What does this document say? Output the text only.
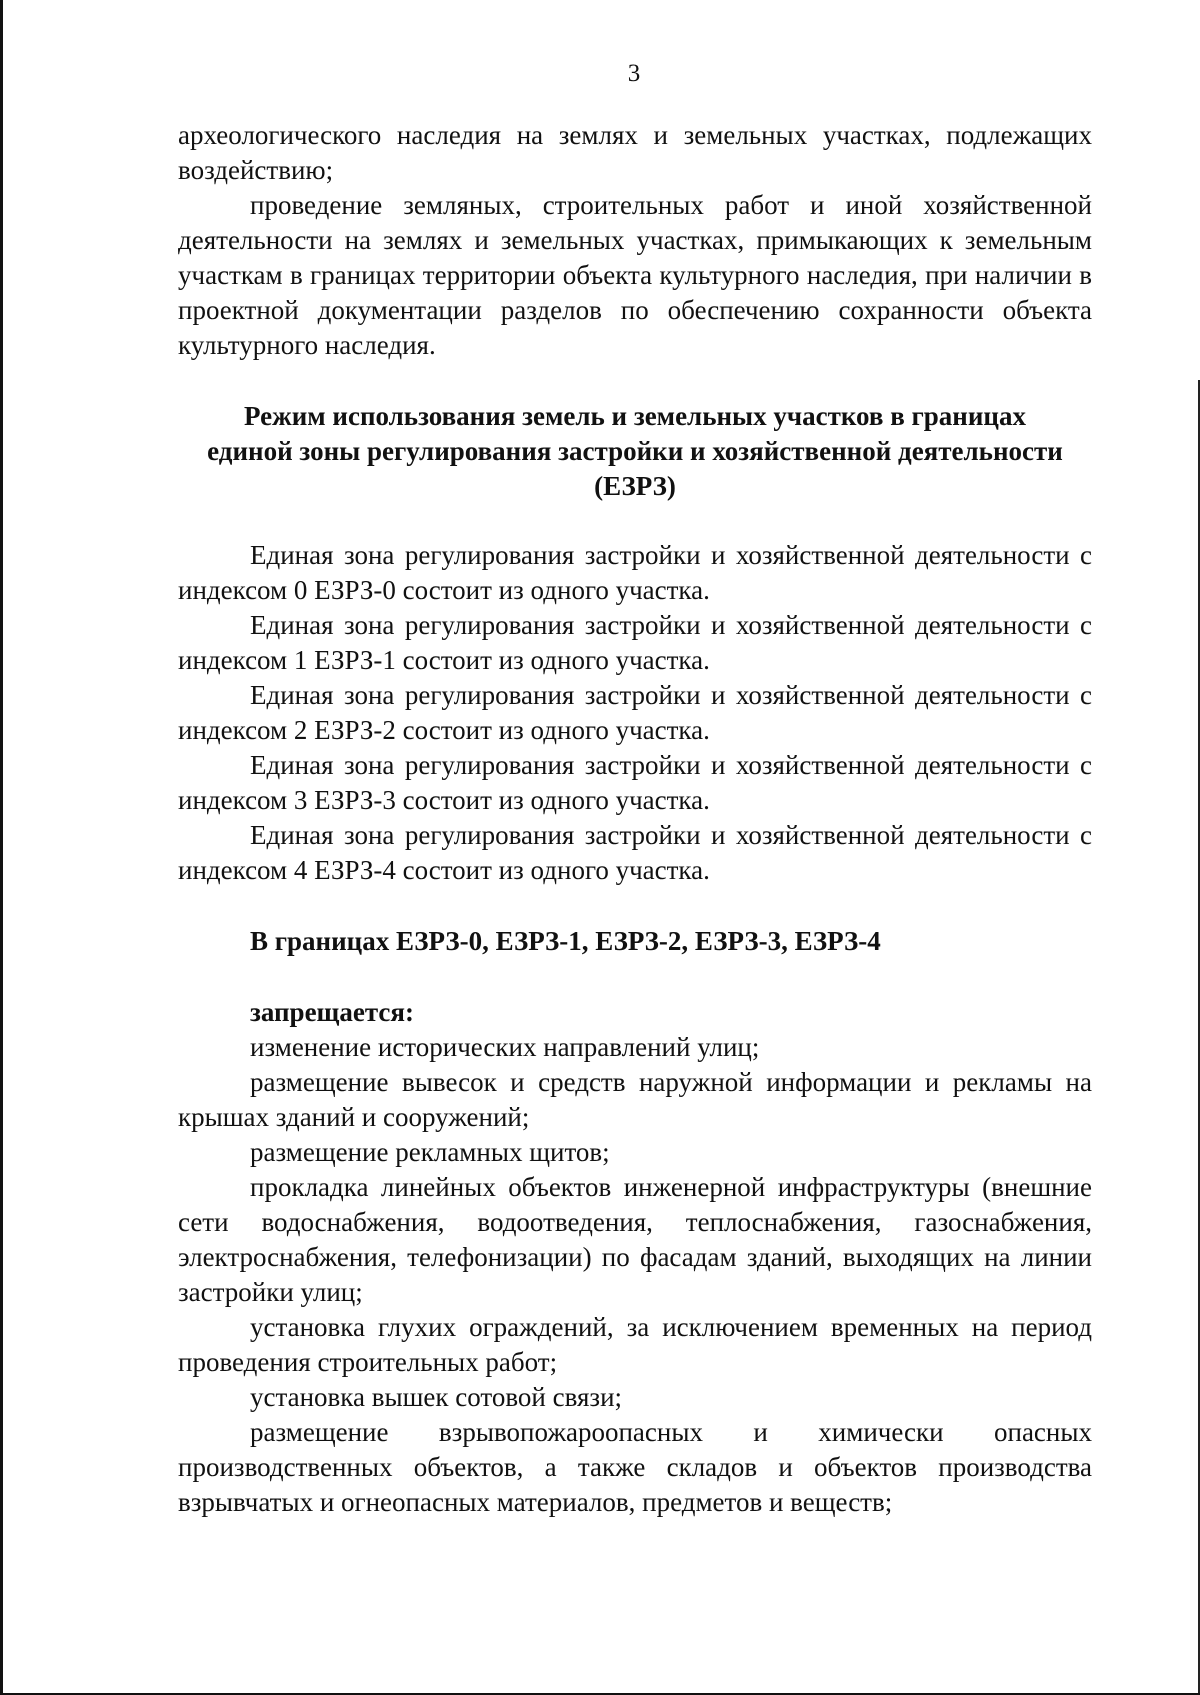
3

археологического наследия на землях и земельных участках, подлежащих воздействию;

проведение земляных, строительных работ и иной хозяйственной деятельности на землях и земельных участках, примыкающих к земельным участкам в границах территории объекта культурного наследия, при наличии в проектной документации разделов по обеспечению сохранности объекта культурного наследия.

Режим использования земель и земельных участков в границах
единой зоны регулирования застройки и хозяйственной деятельности
(ЕЗРЗ)

Единая зона регулирования застройки и хозяйственной деятельности с индексом 0 ЕЗРЗ-0 состоит из одного участка.

Единая зона регулирования застройки и хозяйственной деятельности с индексом 1 ЕЗРЗ-1 состоит из одного участка.

Единая зона регулирования застройки и хозяйственной деятельности с индексом 2 ЕЗРЗ-2 состоит из одного участка.

Единая зона регулирования застройки и хозяйственной деятельности с индексом 3 ЕЗРЗ-3 состоит из одного участка.

Единая зона регулирования застройки и хозяйственной деятельности с индексом 4 ЕЗРЗ-4 состоит из одного участка.

В границах ЕЗРЗ-0, ЕЗРЗ-1, ЕЗРЗ-2, ЕЗРЗ-3, ЕЗРЗ-4

запрещается:

изменение исторических направлений улиц;

размещение вывесок и средств наружной информации и рекламы на крышах зданий и сооружений;

размещение рекламных щитов;

прокладка линейных объектов инженерной инфраструктуры (внешние сети водоснабжения, водоотведения, теплоснабжения, газоснабжения, электроснабжения, телефонизации) по фасадам зданий, выходящих на линии застройки улиц;

установка глухих ограждений, за исключением временных на период проведения строительных работ;

установка вышек сотовой связи;

размещение взрывопожароопасных и химически опасных производственных объектов, а также складов и объектов производства взрывчатых и огнеопасных материалов, предметов и веществ;
